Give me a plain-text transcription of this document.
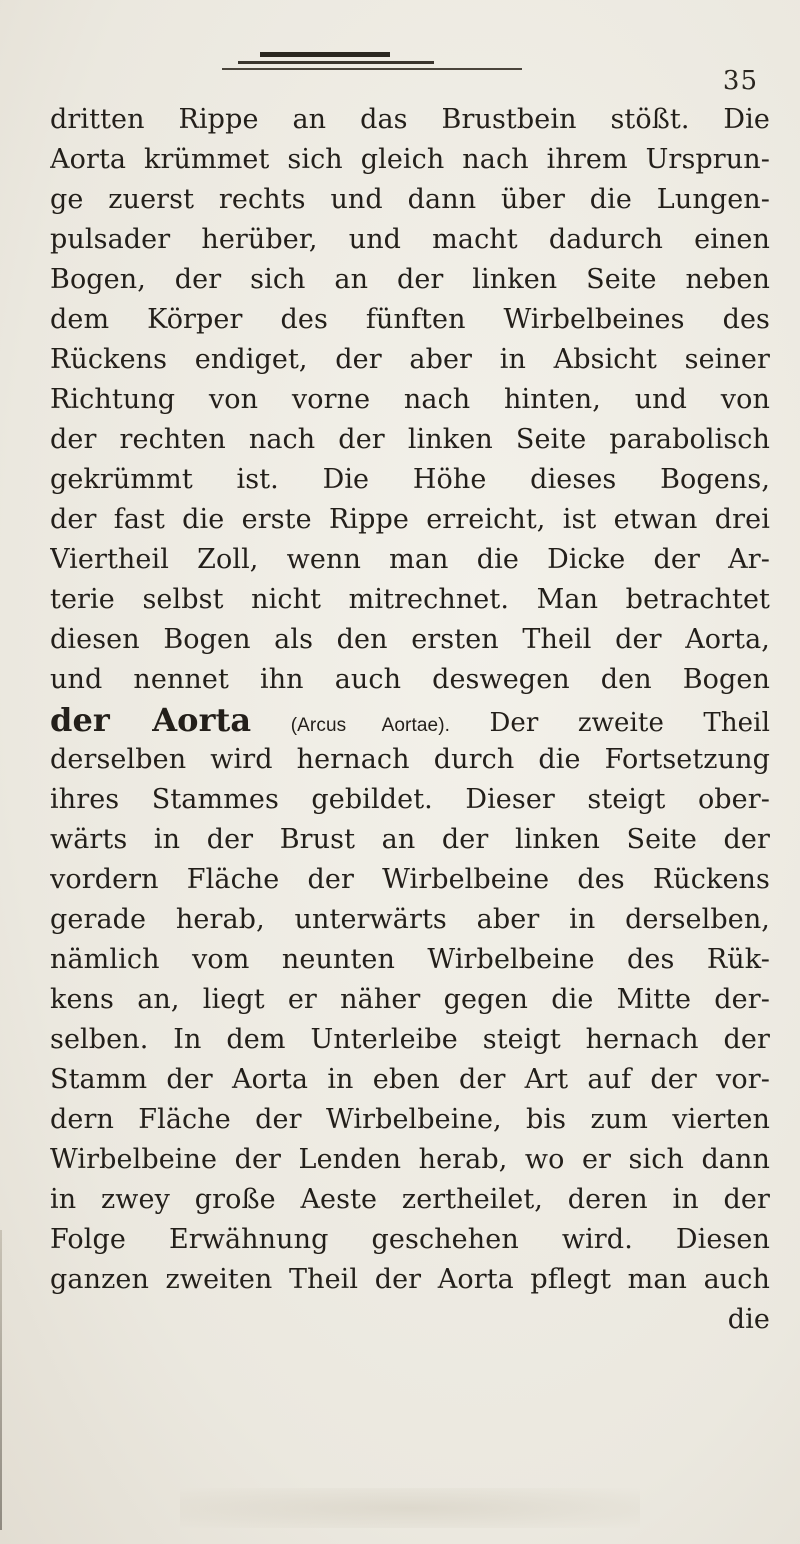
35
dritten Rippe an das Brustbein stößt. Die
Aorta krümmet sich gleich nach ihrem Ursprun-
ge zuerst rechts und dann über die Lungen-
pulsader herüber, und macht dadurch einen
Bogen, der sich an der linken Seite neben
dem Körper des fünften Wirbelbeines des
Rückens endiget, der aber in Absicht seiner
Richtung von vorne nach hinten, und von
der rechten nach der linken Seite parabolisch
gekrümmt ist. Die Höhe dieses Bogens,
der fast die erste Rippe erreicht, ist etwan drei
Viertheil Zoll, wenn man die Dicke der Ar-
terie selbst nicht mitrechnet. Man betrachtet
diesen Bogen als den ersten Theil der Aorta,
und nennet ihn auch deswegen den Bogen
der Aorta (Arcus Aortae). Der zweite Theil
derselben wird hernach durch die Fortsetzung
ihres Stammes gebildet. Dieser steigt ober-
wärts in der Brust an der linken Seite der
vordern Fläche der Wirbelbeine des Rückens
gerade herab, unterwärts aber in derselben,
nämlich vom neunten Wirbelbeine des Rük-
kens an, liegt er näher gegen die Mitte der-
selben. In dem Unterleibe steigt hernach der
Stamm der Aorta in eben der Art auf der vor-
dern Fläche der Wirbelbeine, bis zum vierten
Wirbelbeine der Lenden herab, wo er sich dann
in zwey große Aeste zertheilet, deren in der
Folge Erwähnung geschehen wird. Diesen
ganzen zweiten Theil der Aorta pflegt man auch
die
